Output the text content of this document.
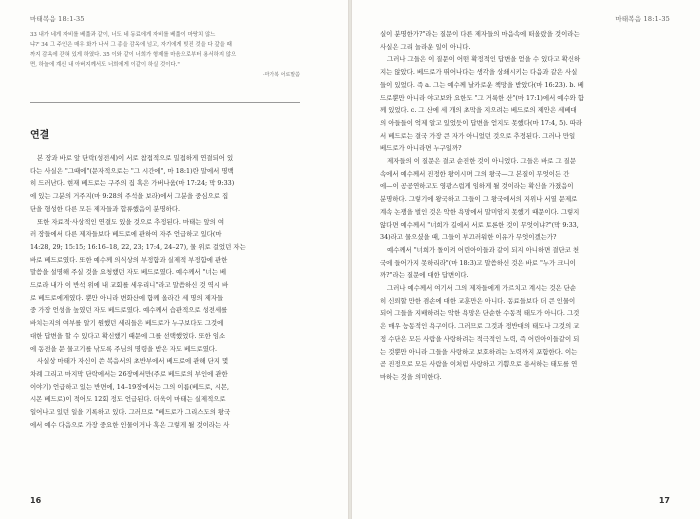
마태복음 18:1-35
33 내가 네게 자비를 베풂과 같이, 너도 네 동료에게 자비를 베풂이 마땅치 않느
냐?' 34 그 주인은 매우 화가 나서 그 종을 감옥에 넘고, 자기에게 빚진 것을 다 갚을 때
까지 감옥에 갇혀 있게 하였다. 35 이와 같이 너희가 형제를 마음으로부터 용서하지 않으
면, 하늘에 계신 내 아버지께서도 너희에게 이같이 하실 것이다."
-마가복 어로말씀
연결
본 장과 바로 앞 단락(성전세)이 서로 참접적으로 밀접하게 연결되어 있
다는 사실은 "그때에"(문자적으로는 "그 시간에", 마 18:1)란 말에서 명백
히 드러난다. 현재 베드로는 구주의 집 혹은 가버나움(마 17:24; 막 9:33)
에 있는 그분의 거주지(마 9:28의 주석을 보라)에서 그분을 중심으로 집
단을 형성한 다른 모든 제자들과 합류했음이 분명하다.
또한 자료적·사상적인 연결도 있을 것으로 추정된다. 마태는 앞의 여
러 장들에서 다른 제자들보다 베드로에 관하여 자주 언급하고 있다(마
14:28, 29; 15:15; 16:16–18, 22, 23; 17:4, 24–27), 물 위로 걸었던 자는
바로 베드로였다. 또한 예수께 의식상의 부정함과 실제적 부정함에 관한
말씀을 설명해 주실 것을 요청했던 자도 베드로였다. 예수께서 "너는 베
드로라 내가 이 반석 위에 내 교회를 세우리니"라고 말씀하신 것 역시 바
로 베드로에게였다. 뿐만 아니라 변화산에 함께 올라간 세 명의 제자들
중 가장 언성을 높였던 자도 베드로였다. 예수께서 습관적으로 성전세를
바치는지의 여부를 알기 원했던 세리들은 베드로가 누구보다도 그것에
대한 답변을 할 수 있다고 확신했기 때문에 그를 선택했었다. 또한 임소
에 동전을 문 물고기를 낚도록 주님의 명령을 받은 자도 베드로였다.
사실상 마태가 자신이 쓴 복음서의 초반부에서 베드로에 관해 단지 몇
차례 그리고 마지막 단락에서는 26장에서만(주로 베드로의 부인에 관한
이야기) 언급하고 있는 반면에, 14–19장에서는 그의 이름(베드로, 시몬,
시몬 베드로)이 적어도 12회 정도 언급된다. 더욱이 마태는 실제적으로
일어나고 있던 일을 기록하고 있다. 그러므로 "베드로가 그리스도의 왕국
에서 예수 다음으로 가장 중요한 인물이거나 혹은 그렇게 될 것이라는 사
16
마태복음 18:1-35
실이 분명한가?"라는 질문이 다른 제자들의 마음속에 떠올랐을 것이라는
사실은 그리 놀라운 일이 아니다.
그러나 그들은 이 질문이 어떤 확정적인 답변을 얻을 수 있다고 확신하
지는 않았다. 베드로가 뛰어나다는 생각을 상쇄시키는 다음과 같은 사실
들이 있었다. 즉 a. 그는 예수께 날카로운 책망을 받았다(마 16:23). b. 베
드로뿐만 아니라 야고보와 요한도 "그 거룩한 산"(마 17:1)에서 예수와 함
께 있었다. c. 그 산에 세 개의 초막을 지으려는 베드로의 제안은 세베대
의 아들들이 억제 알고 있었듯이 답변을 얻지도 못했다(마 17:4, 5). 따라
서 베드로는 결국 가장 큰 자가 아니었던 것으로 추정된다. 그러나 만일
베드로가 아니라면 누구일까?
제자들의 이 질문은 결코 순진한 것이 아니었다. 그들은 바로 그 질문
속에서 예수께서 진정한 왕이시며 그의 왕국—그 본질이 무엇이든 간
에—이 공공연하고도 영광스럽게 임하게 될 것이라는 확신을 가졌음이
분명하다. 그렇기에 왕국하고 그들이 그 왕국에서의 지위나 서열 문제로
계속 논쟁을 벌인 것은 악한 욕망에서 말미암지 못했기 때문이다. 그렇지
않다면 예수께서 "너희가 길에서 서로 토론한 것이 무엇이냐?"(막 9:33,
34)라고 물으셨을 때, 그들이 부끄러워한 이유가 무엇이겠는가?
예수께서 "너희가 돌이켜 어린아이들과 같이 되지 아니하면 결단코 천
국에 들어가지 못하리라"(마 18:3)고 말씀하신 것은 바로 "누가 크니이
까?"라는 질문에 대한 답변이다.
그러나 예수께서 여기서 그의 제자들에게 가르치고 계시는 것은 단순
히 신뢰할 만한 겸손에 대한 교훈만은 아니다. 동료들보다 더 큰 인물이
되어 그들을 지배하려는 악한 욕망은 단순한 수동적 태도가 아니다. 그것
은 매우 능동적인 욕구이다. 그러므로 그것과 정반대의 태도나 그것의 교
정 수단은 모든 사람을 사랑하려는 적극적인 노력, 즉 어린아이들같이 되
는 것뿐만 아니라 그들을 사랑하고 보호하려는 노력까지 포함한다. 이는
곧 진정으로 모든 사람을 이처럼 사랑하고 기쁨으로 용서하는 태도를 연
마하는 것을 의미한다.
17
